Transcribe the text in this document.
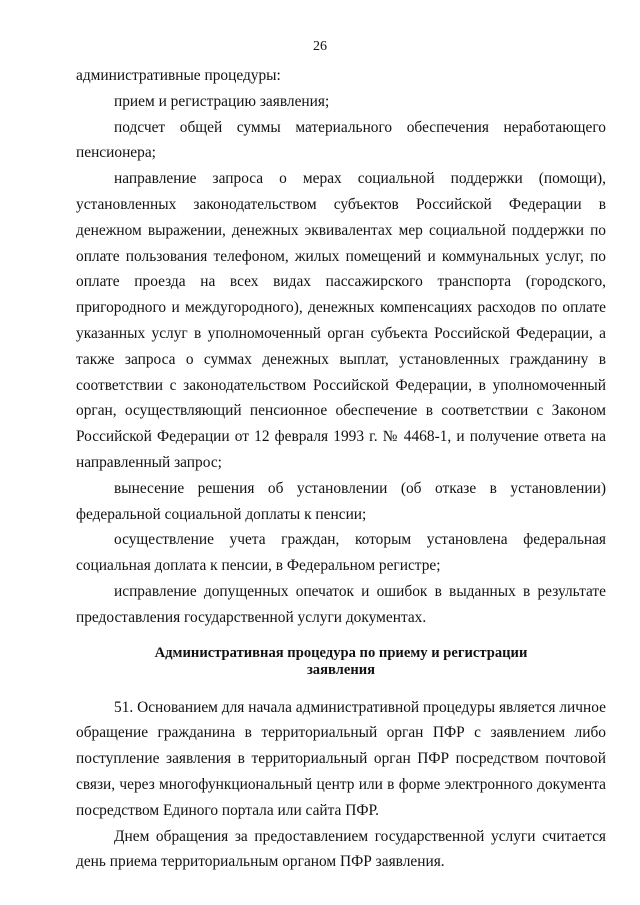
26

административные процедуры:

прием и регистрацию заявления;

подсчет общей суммы материального обеспечения неработающего пенсионера;

направление запроса о мерах социальной поддержки (помощи), установленных законодательством субъектов Российской Федерации в денежном выражении, денежных эквивалентах мер социальной поддержки по оплате пользования телефоном, жилых помещений и коммунальных услуг, по оплате проезда на всех видах пассажирского транспорта (городского, пригородного и междугородного), денежных компенсациях расходов по оплате указанных услуг в уполномоченный орган субъекта Российской Федерации, а также запроса о суммах денежных выплат, установленных гражданину в соответствии с законодательством Российской Федерации, в уполномоченный орган, осуществляющий пенсионное обеспечение в соответствии с Законом Российской Федерации от 12 февраля 1993 г. № 4468-1, и получение ответа на направленный запрос;

вынесение решения об установлении (об отказе в установлении) федеральной социальной доплаты к пенсии;

осуществление учета граждан, которым установлена федеральная социальная доплата к пенсии, в Федеральном регистре;

исправление допущенных опечаток и ошибок в выданных в результате предоставления государственной услуги документах.

Административная процедура по приему и регистрации
заявления

51. Основанием для начала административной процедуры является личное обращение гражданина в территориальный орган ПФР с заявлением либо поступление заявления в территориальный орган ПФР посредством почтовой связи, через многофункциональный центр или в форме электронного документа посредством Единого портала или сайта ПФР.

Днем обращения за предоставлением государственной услуги считается день приема территориальным органом ПФР заявления.
